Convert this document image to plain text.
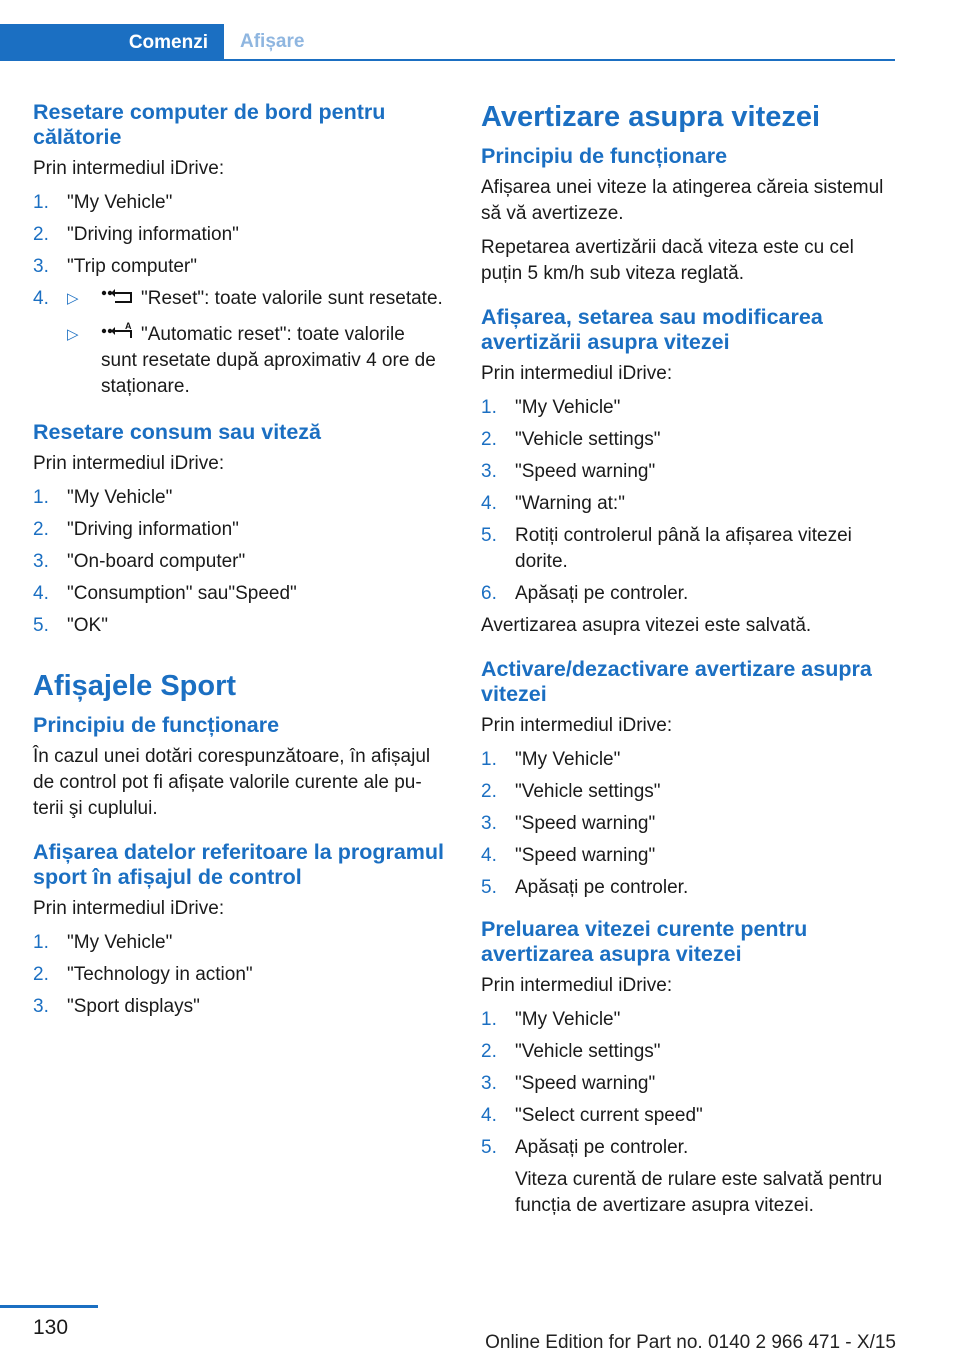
Comenzi	Afișare
Resetare computer de bord pentru călătorie

Prin intermediul iDrive:

1. "My Vehicle"
2. "Driving information"
3. "Trip computer"
4. ▷	"Reset": toate valorile sunt resetate.
▷	A "Automatic reset": toate valorile sunt resetate după aproximativ 4 ore de staționare.
Resetare consum sau viteză

Prin intermediul iDrive:

1. "My Vehicle"
2. "Driving information"
3. "On-board computer"
4. "Consumption" sau"Speed"
5. "OK"
Afișajele Sport
Principiu de funcționare

În cazul unei dotări corespunzătoare, în afișajul de control pot fi afișate valorile curente ale puterii şi cuplului.

Afișarea datelor referitoare la programul sport în afișajul de control

Prin intermediul iDrive:

1. "My Vehicle"
2. "Technology in action"
3. "Sport displays"
Avertizare asupra vitezei
Principiu de funcționare

Afișarea unei viteze la atingerea căreia sistemul să vă avertizeze.

Repetarea avertizării dacă viteza este cu cel puțin 5 km/h sub viteza reglată.

Afișarea, setarea sau modificarea avertizării asupra vitezei

Prin intermediul iDrive:

1. "My Vehicle"
2. "Vehicle settings"
3. "Speed warning"
4. "Warning at:"
5. Rotiți controlerul până la afișarea vitezei dorite.
6. Apăsați pe controler.

Avertizarea asupra vitezei este salvată.

Activare/dezactivare avertizare asupra vitezei

Prin intermediul iDrive:

1. "My Vehicle"
2. "Vehicle settings"
3. "Speed warning"
4. "Speed warning"
5. Apăsați pe controler.
Preluarea vitezei curente pentru avertizarea asupra vitezei

Prin intermediul iDrive:

1. "My Vehicle"
2. "Vehicle settings"
3. "Speed warning"
4. "Select current speed"
5. Apăsați pe controler.
Viteza curentă de rulare este salvată pentru funcția de avertizare asupra vitezei.
130
Online Edition for Part no. 0140 2 966 471 - X/15
